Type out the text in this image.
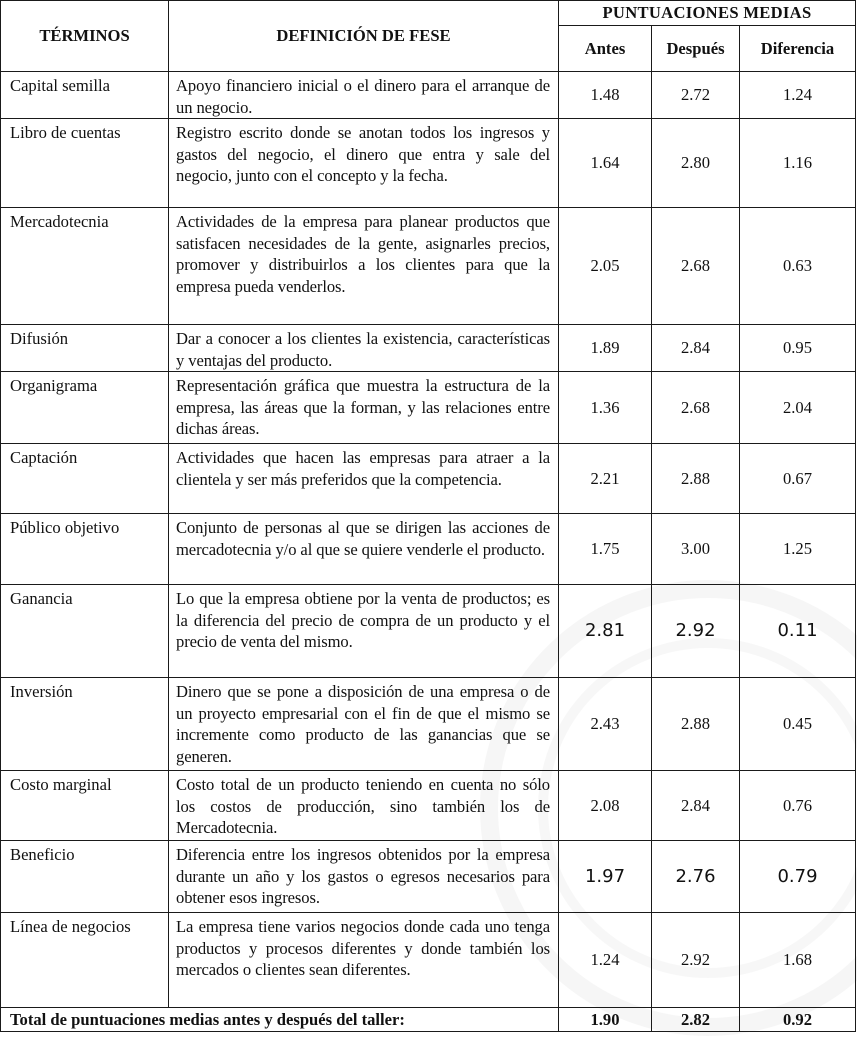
TÉRMINOS	DEFINICIÓN DE FESE	PUNTUACIONES MEDIAS		
		Antes	Después	Diferencia
Capital semilla	Apoyo financiero inicial o el dinero para el arranque de un negocio.	1.48	2.72	1.24
Libro de cuentas	Registro escrito donde se anotan todos los ingresos y gastos del negocio, el dinero que entra y sale del negocio, junto con el concepto y la fecha.	1.64	2.80	1.16
Mercadotecnia	Actividades de la empresa para planear productos que satisfacen necesidades de la gente, asignarles precios, promover y distribuirlos a los clientes para que la empresa pueda venderlos.	2.05	2.68	0.63
Difusión	Dar a conocer a los clientes la existencia, características y ventajas del producto.	1.89	2.84	0.95
Organigrama	Representación gráfica que muestra la estructura de la empresa, las áreas que la forman, y las relaciones entre dichas áreas.	1.36	2.68	2.04
Captación	Actividades que hacen las empresas para atraer a la clientela y ser más preferidos que la competencia.	2.21	2.88	0.67
Público objetivo	Conjunto de personas al que se dirigen las acciones de mercadotecnia y/o al que se quiere venderle el producto.	1.75	3.00	1.25
Ganancia	Lo que la empresa obtiene por la venta de productos; es la diferencia del precio de compra de un producto y el precio de venta del mismo.	2.81	2.92	0.11
Inversión	Dinero que se pone a disposición de una empresa o de un proyecto empresarial con el fin de que el mismo se incremente como producto de las ganancias que se generen.	2.43	2.88	0.45
Costo marginal	Costo total de un producto teniendo en cuenta no sólo los costos de producción, sino también los de Mercadotecnia.	2.08	2.84	0.76
Beneficio	Diferencia entre los ingresos obtenidos por la empresa durante un año y los gastos o egresos necesarios para obtener esos ingresos.	1.97	2.76	0.79
Línea de negocios	La empresa tiene varios negocios donde cada uno tenga productos y procesos diferentes y donde también los mercados o clientes sean diferentes.	1.24	2.92	1.68
Total de puntuaciones medias antes y después del taller:		1.90	2.82	0.92
